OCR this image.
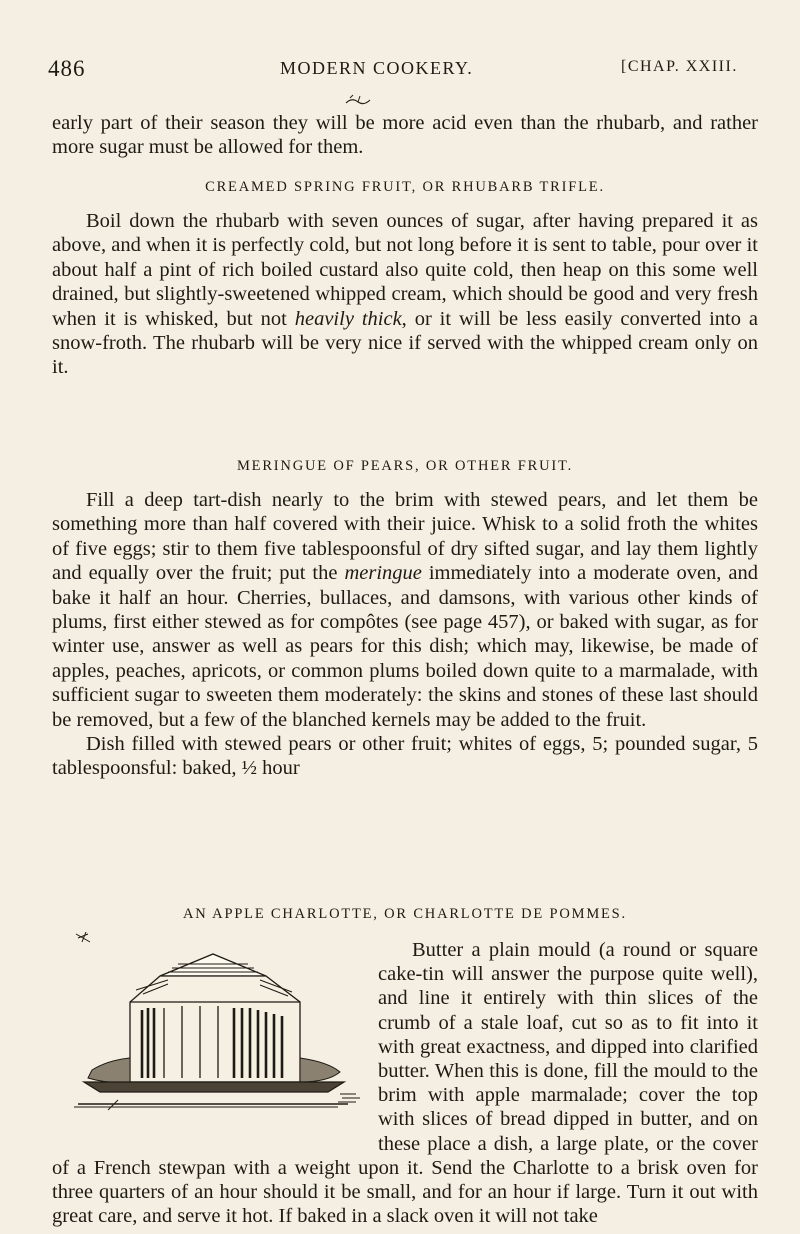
486	MODERN COOKERY.	[CHAP. XXIII.

early part of their season they will be more acid even than the rhubarb, and rather more sugar must be allowed for them.

CREAMED SPRING FRUIT, OR RHUBARB TRIFLE.

Boil down the rhubarb with seven ounces of sugar, after having prepared it as above, and when it is perfectly cold, but not long before it is sent to table, pour over it about half a pint of rich boiled custard also quite cold, then heap on this some well drained, but slightly-sweetened whipped cream, which should be good and very fresh when it is whisked, but not heavily thick, or it will be less easily converted into a snow-froth. The rhubarb will be very nice if served with the whipped cream only on it.

MERINGUE OF PEARS, OR OTHER FRUIT.

Fill a deep tart-dish nearly to the brim with stewed pears, and let them be something more than half covered with their juice. Whisk to a solid froth the whites of five eggs; stir to them five tablespoonsful of dry sifted sugar, and lay them lightly and equally over the fruit; put the meringue immediately into a moderate oven, and bake it half an hour. Cherries, bullaces, and damsons, with various other kinds of plums, first either stewed as for compôtes (see page 457), or baked with sugar, as for winter use, answer as well as pears for this dish; which may, likewise, be made of apples, peaches, apricots, or common plums boiled down quite to a marmalade, with sufficient sugar to sweeten them moderately: the skins and stones of these last should be removed, but a few of the blanched kernels may be added to the fruit.

Dish filled with stewed pears or other fruit; whites of eggs, 5; pounded sugar, 5 tablespoonsful: baked, ½ hour

AN APPLE CHARLOTTE, OR CHARLOTTE DE POMMES.

Butter a plain mould (a round or square cake-tin will answer the purpose quite well), and line it entirely with thin slices of the crumb of a stale loaf, cut so as to fit into it with great exactness, and dipped into clarified butter. When this is done, fill the mould to the brim with apple marmalade; cover the top with slices of bread dipped in butter, and on these place a dish, a large plate, or the cover of a French stewpan with a weight upon it. Send the Charlotte to a brisk oven for three quarters of an hour should it be small, and for an hour if large. Turn it out with great care, and serve it hot. If baked in a slack oven it will not take
